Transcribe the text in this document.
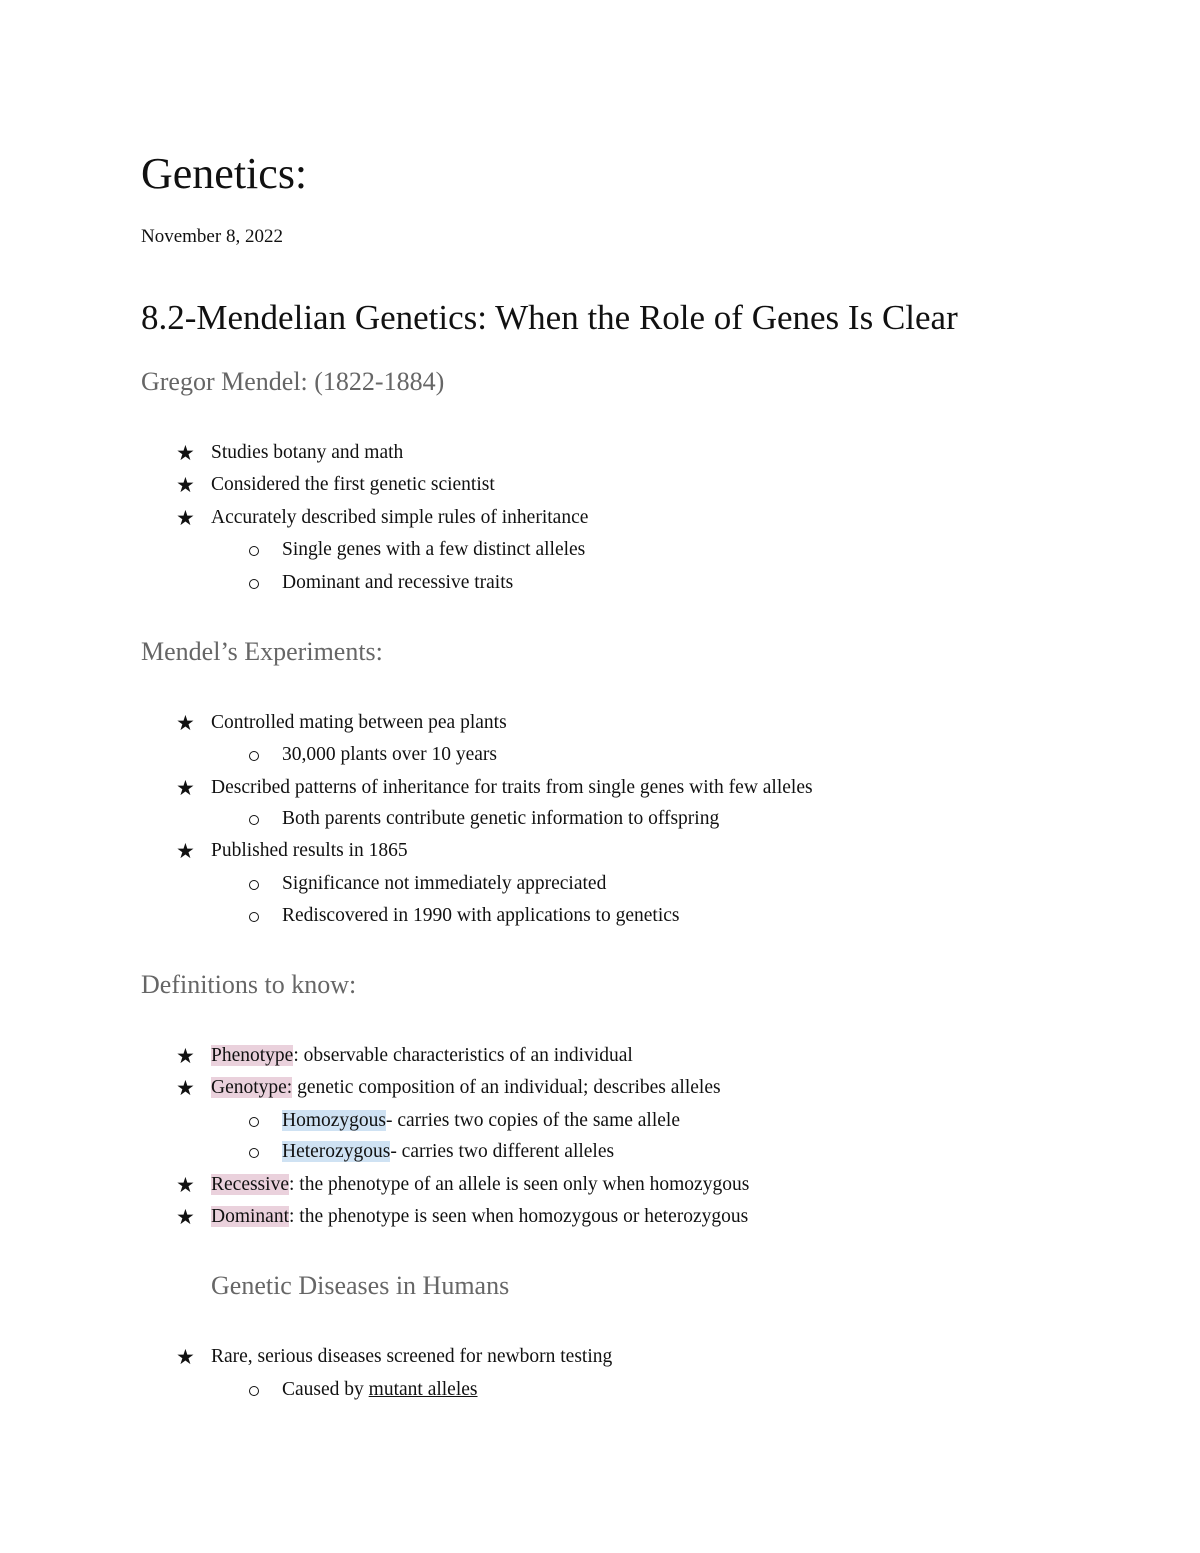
Genetics:
November 8, 2022
8.2-Mendelian Genetics: When the Role of Genes Is Clear
Gregor Mendel: (1822-1884)
★ Studies botany and math
★ Considered the first genetic scientist
★ Accurately described simple rules of inheritance
Single genes with a few distinct alleles
Dominant and recessive traits
Mendel’s Experiments:
★ Controlled mating between pea plants
30,000 plants over 10 years
★ Described patterns of inheritance for traits from single genes with few alleles
Both parents contribute genetic information to offspring
★ Published results in 1865
Significance not immediately appreciated
Rediscovered in 1990 with applications to genetics
Definitions to know:
★ Phenotype: observable characteristics of an individual
★ Genotype: genetic composition of an individual; describes alleles
Homozygous- carries two copies of the same allele
Heterozygous- carries two different alleles
★ Recessive: the phenotype of an allele is seen only when homozygous
★ Dominant: the phenotype is seen when homozygous or heterozygous
Genetic Diseases in Humans
★ Rare, serious diseases screened for newborn testing
Caused by mutant alleles
